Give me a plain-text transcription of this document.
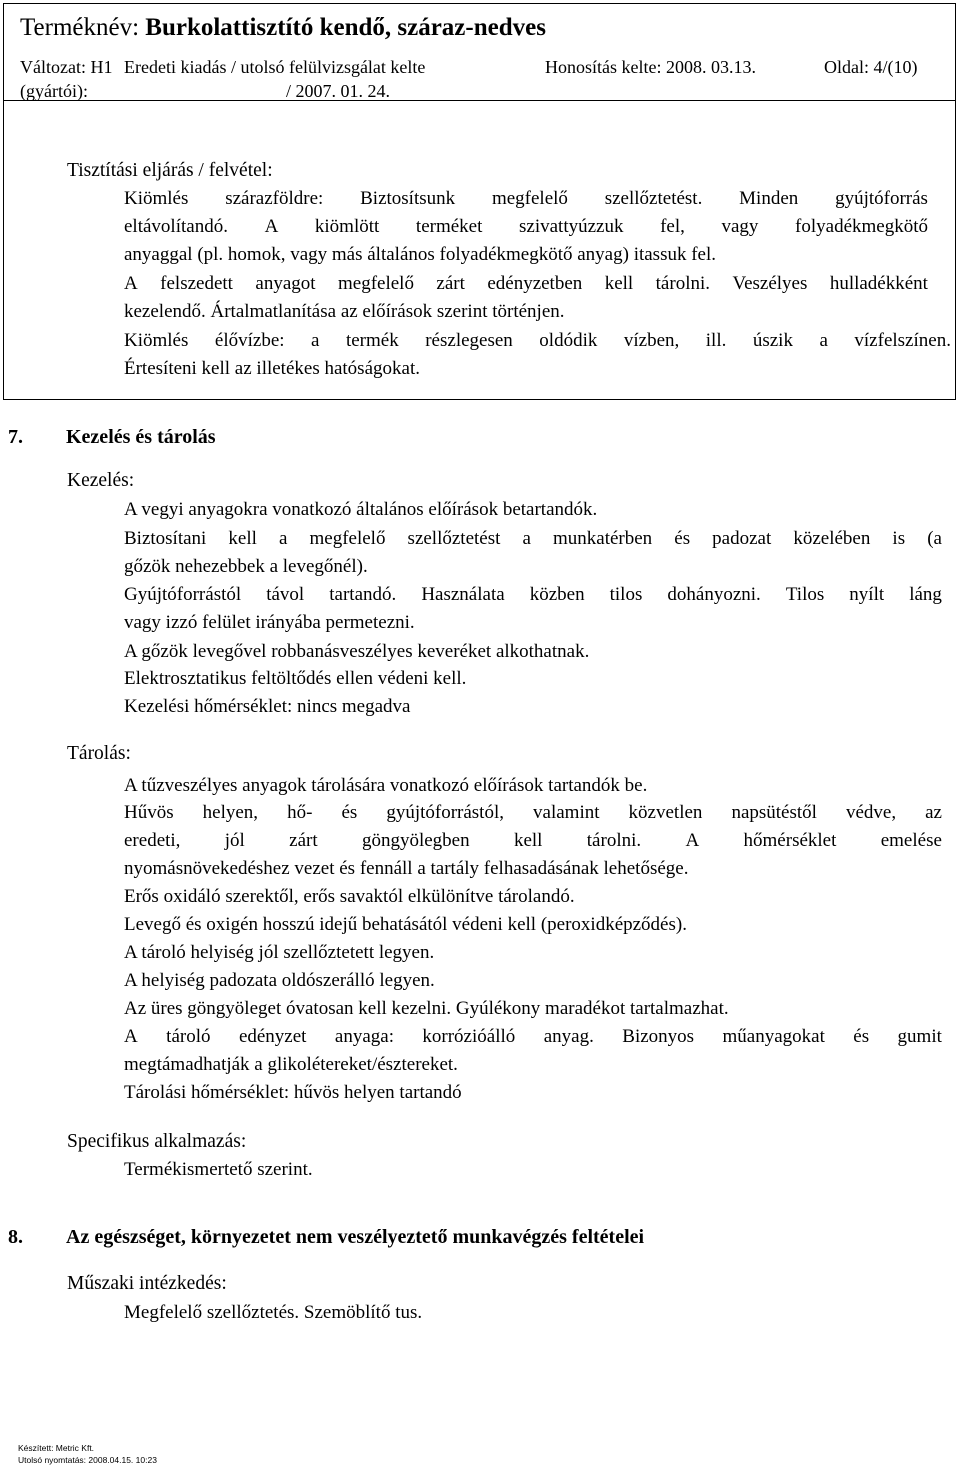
Terméknév: Burkolattisztító kendő, száraz-nedves
Változat: H1 Eredeti kiadás / utolsó felülvizsgálat kelte
(gyártói):	/ 2007. 01. 24.
Honosítás kelte: 2008. 03.13.	Oldal: 4/(10)
Tisztítási eljárás / felvétel:
Kiömlés szárazföldre: Biztosítsunk megfelelő szellőztetést. Minden gyújtóforrás
eltávolítandó. A kiömlött terméket szivattyúzzuk fel, vagy folyadékmegkötő
anyaggal (pl. homok, vagy más általános folyadékmegkötő anyag) itassuk fel.
A felszedett anyagot megfelelő zárt edényzetben kell tárolni. Veszélyes hulladékként
kezelendő. Ártalmatlanítása az előírások szerint történjen.
Kiömlés élővízbe: a termék részlegesen oldódik vízben, ill. úszik a vízfelszínen.
Értesíteni kell az illetékes hatóságokat.
7. Kezelés és tárolás
Kezelés:
A vegyi anyagokra vonatkozó általános előírások betartandók.
Biztosítani kell a megfelelő szellőztetést a munkatérben és padozat közelében is (a
gőzök nehezebbek a levegőnél).
Gyújtóforrástól távol tartandó. Használata közben tilos dohányozni. Tilos nyílt láng
vagy izzó felület irányába permetezni.
A gőzök levegővel robbanásveszélyes keveréket alkothatnak.
Elektrosztatikus feltöltődés ellen védeni kell.
Kezelési hőmérséklet: nincs megadva
Tárolás:
A tűzveszélyes anyagok tárolására vonatkozó előírások tartandók be.
Hűvös helyen, hő- és gyújtóforrástól, valamint közvetlen napsütéstől védve, az
eredeti, jól zárt göngyölegben kell tárolni. A hőmérséklet emelése
nyomásnövekedéshez vezet és fennáll a tartály felhasadásának lehetősége.
Erős oxidáló szerektől, erős savaktól elkülönítve tárolandó.
Levegő és oxigén hosszú idejű behatásától védeni kell (peroxidképződés).
A tároló helyiség jól szellőztetett legyen.
A helyiség padozata oldószerálló legyen.
Az üres göngyöleget óvatosan kell kezelni. Gyúlékony maradékot tartalmazhat.
A tároló edényzet anyaga: korrózióálló anyag. Bizonyos műanyagokat és gumit
megtámadhatják a glikolétereket/észtereket.
Tárolási hőmérséklet: hűvös helyen tartandó
Specifikus alkalmazás:
Termékismertető szerint.
8. Az egészséget, környezetet nem veszélyeztető munkavégzés feltételei
Műszaki intézkedés:
Megfelelő szellőztetés. Szemöblítő tus.
Készített: Metric Kft.
Utolsó nyomtatás: 2008.04.15. 10:23
